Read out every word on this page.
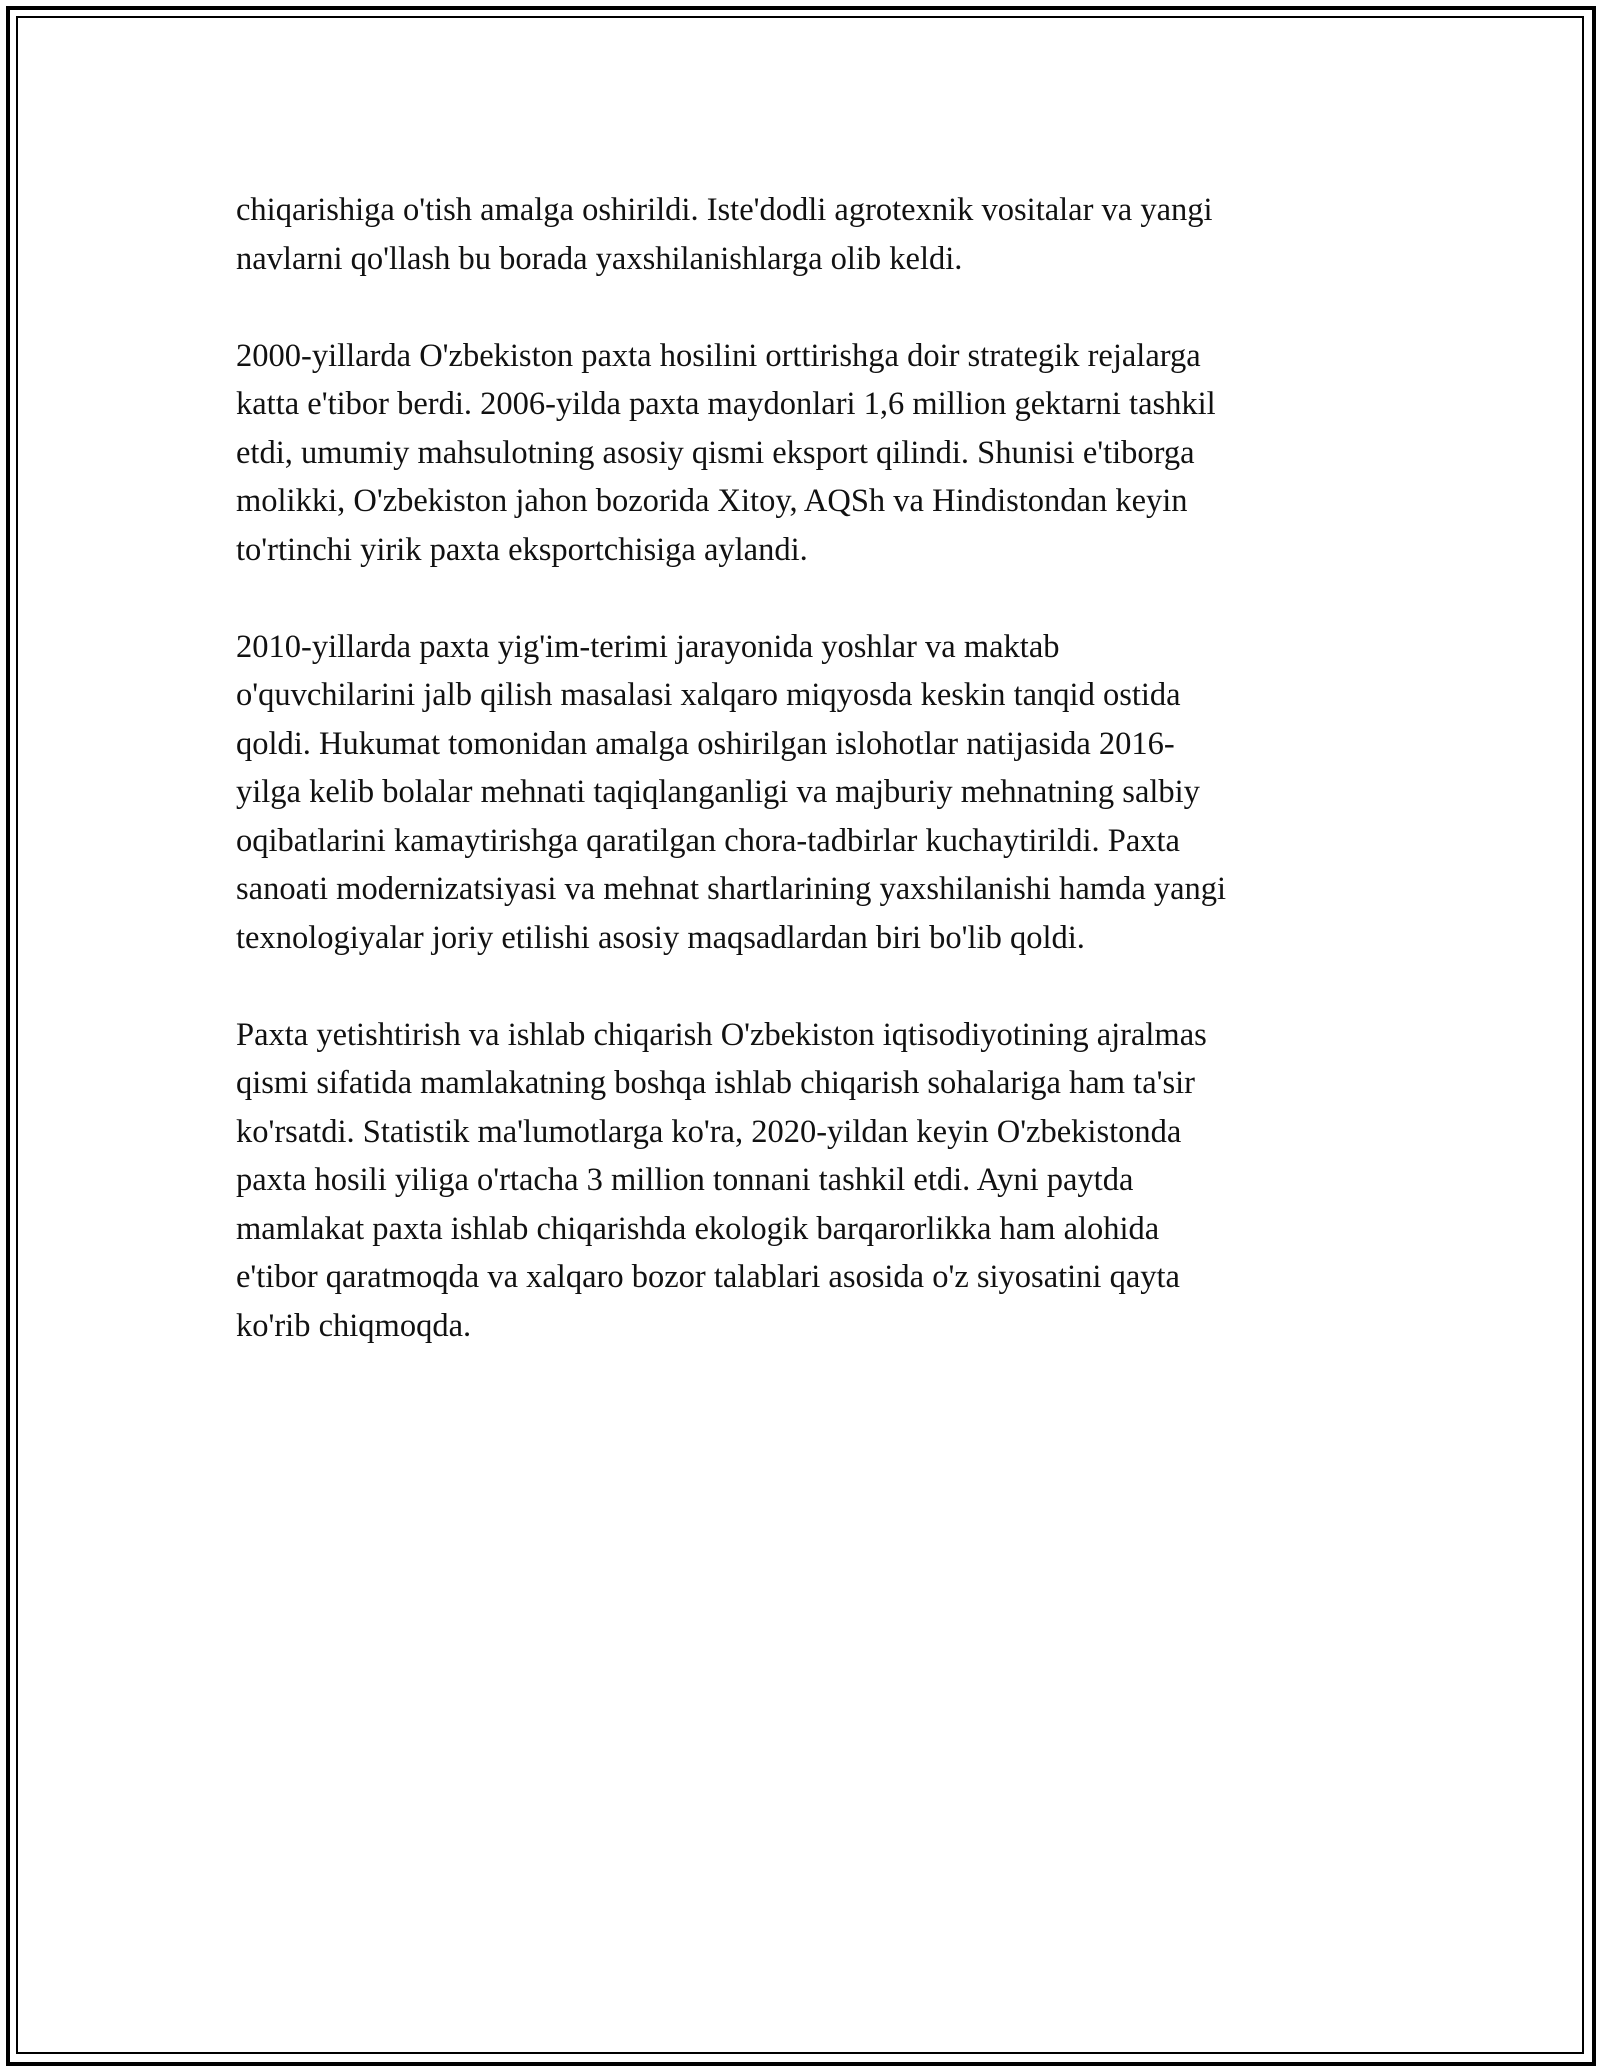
chiqarishiga o'tish amalga oshirildi. Iste'dodli agrotexnik vositalar va yangi
navlarni qo'llash bu borada yaxshilanishlarga olib keldi.

2000-yillarda O'zbekiston paxta hosilini orttirishga doir strategik rejalarga
katta e'tibor berdi. 2006-yilda paxta maydonlari 1,6 million gektarni tashkil
etdi, umumiy mahsulotning asosiy qismi eksport qilindi. Shunisi e'tiborga
molikki, O'zbekiston jahon bozorida Xitoy, AQSh va Hindistondan keyin
to'rtinchi yirik paxta eksportchisiga aylandi.

2010-yillarda paxta yig'im-terimi jarayonida yoshlar va maktab
o'quvchilarini jalb qilish masalasi xalqaro miqyosda keskin tanqid ostida
qoldi. Hukumat tomonidan amalga oshirilgan islohotlar natijasida 2016-
yilga kelib bolalar mehnati taqiqlanganligi va majburiy mehnatning salbiy
oqibatlarini kamaytirishga qaratilgan chora-tadbirlar kuchaytirildi. Paxta
sanoati modernizatsiyasi va mehnat shartlarining yaxshilanishi hamda yangi
texnologiyalar joriy etilishi asosiy maqsadlardan biri bo'lib qoldi.

Paxta yetishtirish va ishlab chiqarish O'zbekiston iqtisodiyotining ajralmas
qismi sifatida mamlakatning boshqa ishlab chiqarish sohalariga ham ta'sir
ko'rsatdi. Statistik ma'lumotlarga ko'ra, 2020-yildan keyin O'zbekistonda
paxta hosili yiliga o'rtacha 3 million tonnani tashkil etdi. Ayni paytda
mamlakat paxta ishlab chiqarishda ekologik barqarorlikka ham alohida
e'tibor qaratmoqda va xalqaro bozor talablari asosida o'z siyosatini qayta
ko'rib chiqmoqda.
